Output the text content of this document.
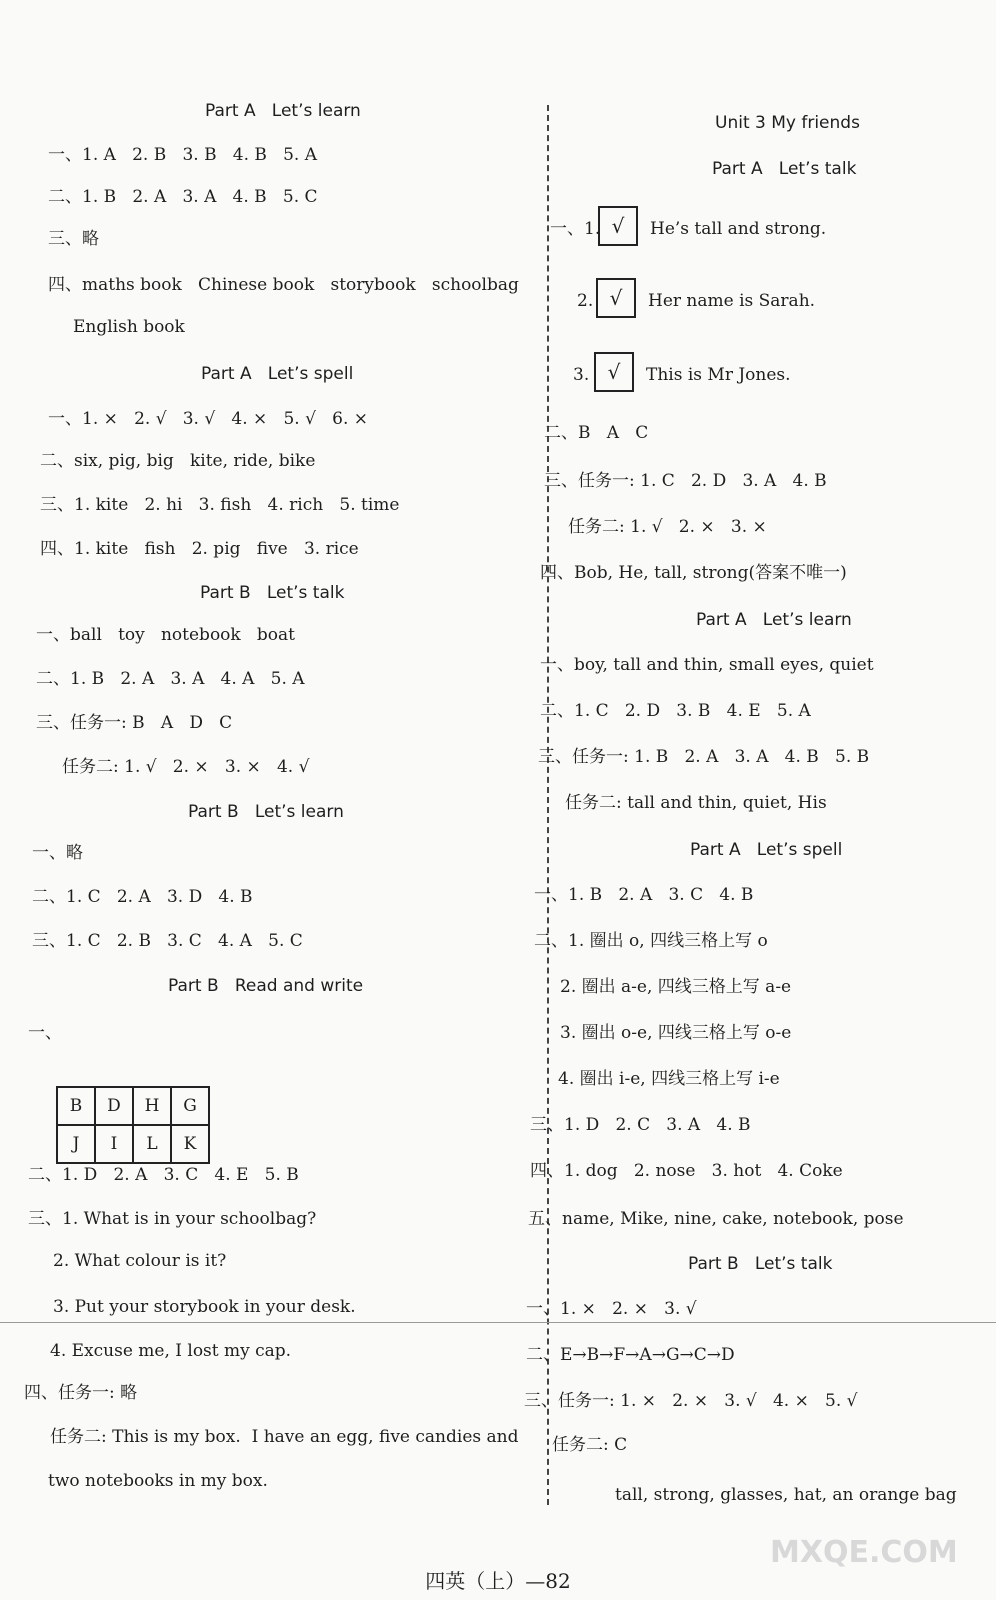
Part A   Let’s learn
一、1. A   2. B   3. B   4. B   5. A
二、1. B   2. A   3. A   4. B   5. C
三、略
四、maths book   Chinese book   storybook   schoolbag
English book
Part A   Let’s spell
一、1. ×   2. √   3. √   4. ×   5. √   6. ×
二、six, pig, big   kite, ride, bike
三、1. kite   2. hi   3. fish   4. rich   5. time
四、1. kite   fish   2. pig   five   3. rice
Part B   Let’s talk
一、ball   toy   notebook   boat
二、1. B   2. A   3. A   4. A   5. A
三、任务一: B   A   D   C
任务二: 1. √   2. ×   3. ×   4. √
Part B   Let’s learn
一、略
二、1. C   2. A   3. D   4. B
三、1. C   2. B   3. C   4. A   5. C
Part B   Read and write
一、
B	D	H	G
J	I	L	K
二、1. D   2. A   3. C   4. E   5. B
三、1. What is in your schoolbag?
2. What colour is it?
3. Put your storybook in your desk.
4. Excuse me, I lost my cap.
四、任务一: 略
任务二: This is my box.  I have an egg, five candies and
two notebooks in my box.
Unit 3 My friends
Part A   Let’s talk
一、1. √	He’s tall and strong.
2. √	Her name is Sarah.
3. √	This is Mr Jones.
二、B   A   C
三、任务一: 1. C   2. D   3. A   4. B
任务二: 1. √   2. ×   3. ×
四、Bob, He, tall, strong(答案不唯一)
Part A   Let’s learn
一、boy, tall and thin, small eyes, quiet
二、1. C   2. D   3. B   4. E   5. A
三、任务一: 1. B   2. A   3. A   4. B   5. B
任务二: tall and thin, quiet, His
Part A   Let’s spell
一、1. B   2. A   3. C   4. B
二、1. 圈出 o, 四线三格上写 o
2. 圈出 a-e, 四线三格上写 a-e
3. 圈出 o-e, 四线三格上写 o-e
4. 圈出 i-e, 四线三格上写 i-e
三、1. D   2. C   3. A   4. B
四、1. dog   2. nose   3. hot   4. Coke
五、name, Mike, nine, cake, notebook, pose
Part B   Let’s talk
一、1. ×   2. ×   3. √
二、E→B→F→A→G→C→D
三、任务一: 1. ×   2. ×   3. √   4. ×   5. √
任务二: C
tall, strong, glasses, hat, an orange bag
四英（上）—82
MXQE.COM
